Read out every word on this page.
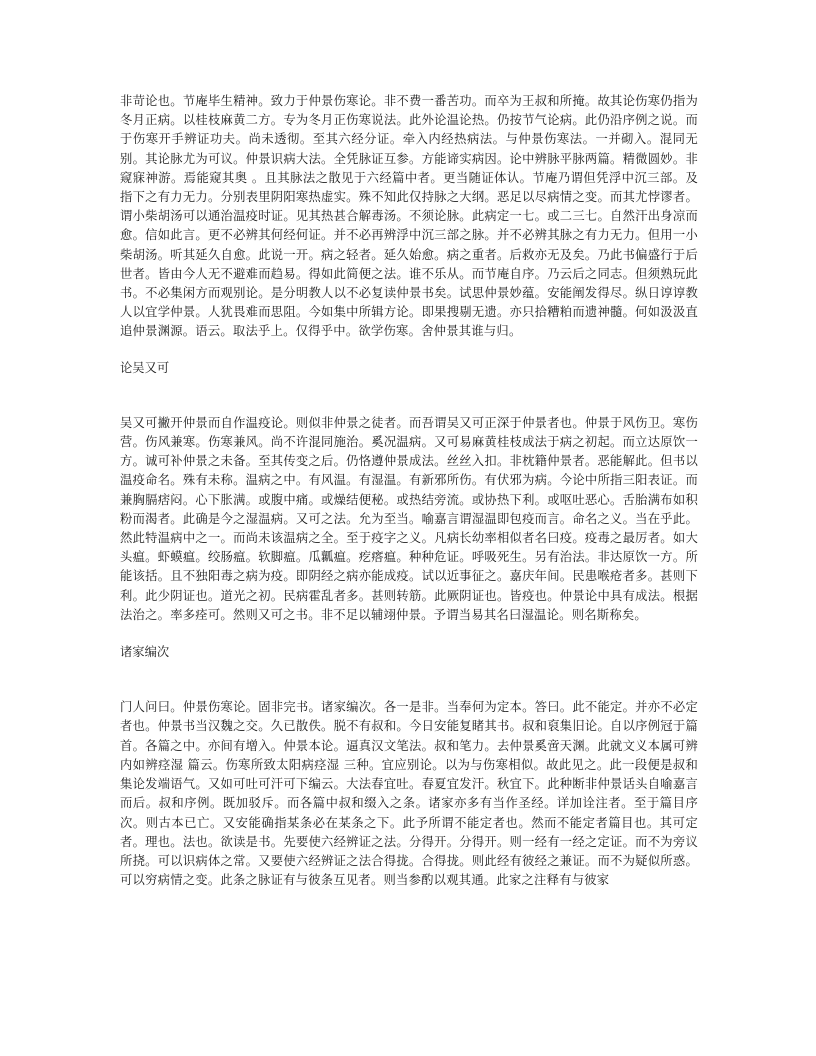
非苛论也。节庵毕生精神。致力于仲景伤寒论。非不费一番苦功。而卒为王叔和所掩。故其论伤寒仍指为冬月正病。以桂枝麻黄二方。专为冬月正伤寒说法。此外论温论热。仍按节气论病。此仍沿序例之说。而于伤寒开手辨证功夫。尚未透彻。至其六经分证。牵入内经热病法。与仲景伤寒法。一并砌入。混同无别。其论脉尤为可议。仲景识病大法。全凭脉证互参。方能谛实病因。论中辨脉平脉两篇。精微圆妙。非窥寐神游。焉能窥其奥 。且其脉法之散见于六经篇中者。更当随证体认。节庵乃谓但凭浮中沉三部。及指下之有力无力。分别表里阴阳寒热虚实。殊不知此仅持脉之大纲。恶足以尽病情之变。而其尤悖谬者。谓小柴胡汤可以通治温疫时证。见其热甚合解毒汤。不须论脉。此病定一七。或二三七。自然汗出身凉而愈。信如此言。更不必辨其何经何证。并不必再辨浮中沉三部之脉。并不必辨其脉之有力无力。但用一小柴胡汤。听其延久自愈。此说一开。病之轻者。延久始愈。病之重者。后救亦无及矣。乃此书偏盛行于后世者。皆由今人无不避难而趋易。得如此简便之法。谁不乐从。而节庵自序。乃云后之同志。但须熟玩此书。不必集闲方而观别论。是分明教人以不必复读仲景书矣。试思仲景妙蕴。安能阐发得尽。纵日谆谆教人以宜学仲景。人犹畏难而思阻。今如集中所辑方论。即果搜剔无遗。亦只拾糟粕而遗神髓。何如汲汲直追仲景渊源。语云。取法乎上。仅得乎中。欲学伤寒。舍仲景其谁与归。

论吴又可

吴又可撇开仲景而自作温疫论。则似非仲景之徒者。而吾谓吴又可正深于仲景者也。仲景于风伤卫。寒伤营。伤风兼寒。伤寒兼风。尚不许混同施治。奚况温病。又可易麻黄桂枝成法于病之初起。而立达原饮一方。诚可补仲景之未备。至其传变之后。仍恪遵仲景成法。丝丝入扣。非枕籍仲景者。恶能解此。但书以温疫命名。殊有未称。温病之中。有风温。有湿温。有新邪所伤。有伏邪为病。今论中所指三阳表证。而兼胸膈痞闷。心下胀满。或腹中痛。或燥结便秘。或热结旁流。或协热下利。或呕吐恶心。舌胎满布如积粉而渴者。此确是今之湿温病。又可之法。允为至当。喻嘉言谓湿温即包疫而言。命名之义。当在乎此。然此特温病中之一。而尚未该温病之全。至于疫字之义。凡病长幼率相似者名曰疫。疫毒之最厉者。如大头瘟。虾蟆瘟。绞肠瘟。软脚瘟。瓜瓤瘟。疙瘩瘟。种种危证。呼吸死生。另有治法。非达原饮一方。所能该括。且不独阳毒之病为疫。即阴经之病亦能成疫。试以近事征之。嘉庆年间。民患喉疮者多。甚则下利。此少阴证也。道光之初。民病霍乱者多。甚则转筋。此厥阴证也。皆疫也。仲景论中具有成法。根据法治之。率多痊可。然则又可之书。非不足以辅翊仲景。予谓当易其名曰湿温论。则名斯称矣。

诸家编次

门人问曰。仲景伤寒论。固非完书。诸家编次。各一是非。当奉何为定本。答曰。此不能定。并亦不必定者也。仲景书当汉魏之交。久已散佚。脱不有叔和。今日安能复睹其书。叔和裒集旧论。自以序例冠于篇首。各篇之中。亦间有增入。仲景本论。逼真汉文笔法。叔和笔力。去仲景奚啻天渊。此就文义本属可辨内如辨痉湿 篇云。伤寒所致太阳病痉湿 三种。宜应别论。以为与伤寒相似。故此见之。此一段便是叔和集论发端语气。又如可吐可汗可下编云。大法春宜吐。春夏宜发汗。秋宜下。此种断非仲景话头自喻嘉言而后。叔和序例。既加驳斥。而各篇中叔和缀入之条。诸家亦多有当作圣经。详加诠注者。至于篇目序次。则古本已亡。又安能确指某条必在某条之下。此予所谓不能定者也。然而不能定者篇目也。其可定者。理也。法也。欲读是书。先要使六经辨证之法。分得开。分得开。则一经有一经之定证。而不为旁议所挠。可以识病体之常。又要使六经辨证之法合得拢。合得拢。则此经有彼经之兼证。而不为疑似所惑。可以穷病情之变。此条之脉证有与彼条互见者。则当参酌以观其通。此家之注释有与彼家
